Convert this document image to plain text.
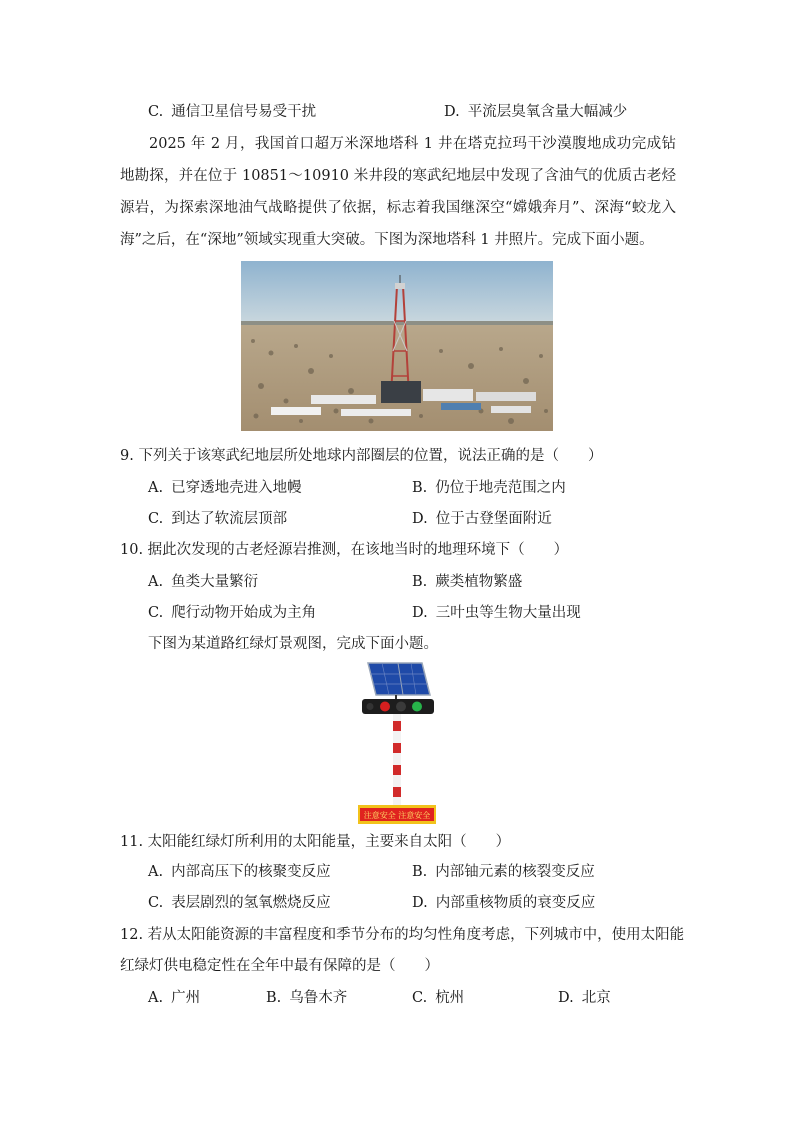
C. 通信卫星信号易受干扰	D. 平流层臭氧含量大幅减少
2025 年 2 月，我国首口超万米深地塔科 1 井在塔克拉玛干沙漠腹地成功完成钻地勘探，并在位于 10851～10910 米井段的寒武纪地层中发现了含油气的优质古老烃源岩，为探索深地油气战略提供了依据，标志着我国继深空“嫦娥奔月”、深海“蛟龙入海”之后，在“深地”领域实现重大突破。下图为深地塔科 1 井照片。完成下面小题。
9. 下列关于该寒武纪地层所处地球内部圈层的位置，说法正确的是（　　）
A. 已穿透地壳进入地幔	B. 仍位于地壳范围之内
C. 到达了软流层顶部	D. 位于古登堡面附近
10. 据此次发现的古老烃源岩推测，在该地当时的地理环境下（　　）
A. 鱼类大量繁衍	B. 蕨类植物繁盛
C. 爬行动物开始成为主角	D. 三叶虫等生物大量出现
下图为某道路红绿灯景观图，完成下面小题。
注意安全 注意安全
11. 太阳能红绿灯所利用的太阳能量，主要来自太阳（　　）
A. 内部高压下的核聚变反应	B. 内部铀元素的核裂变反应
C. 表层剧烈的氢氧燃烧反应	D. 内部重核物质的衰变反应
12. 若从太阳能资源的丰富程度和季节分布的均匀性角度考虑，下列城市中，使用太阳能
红绿灯供电稳定性在全年中最有保障的是（　　）
A. 广州	B. 乌鲁木齐	C. 杭州	D. 北京
